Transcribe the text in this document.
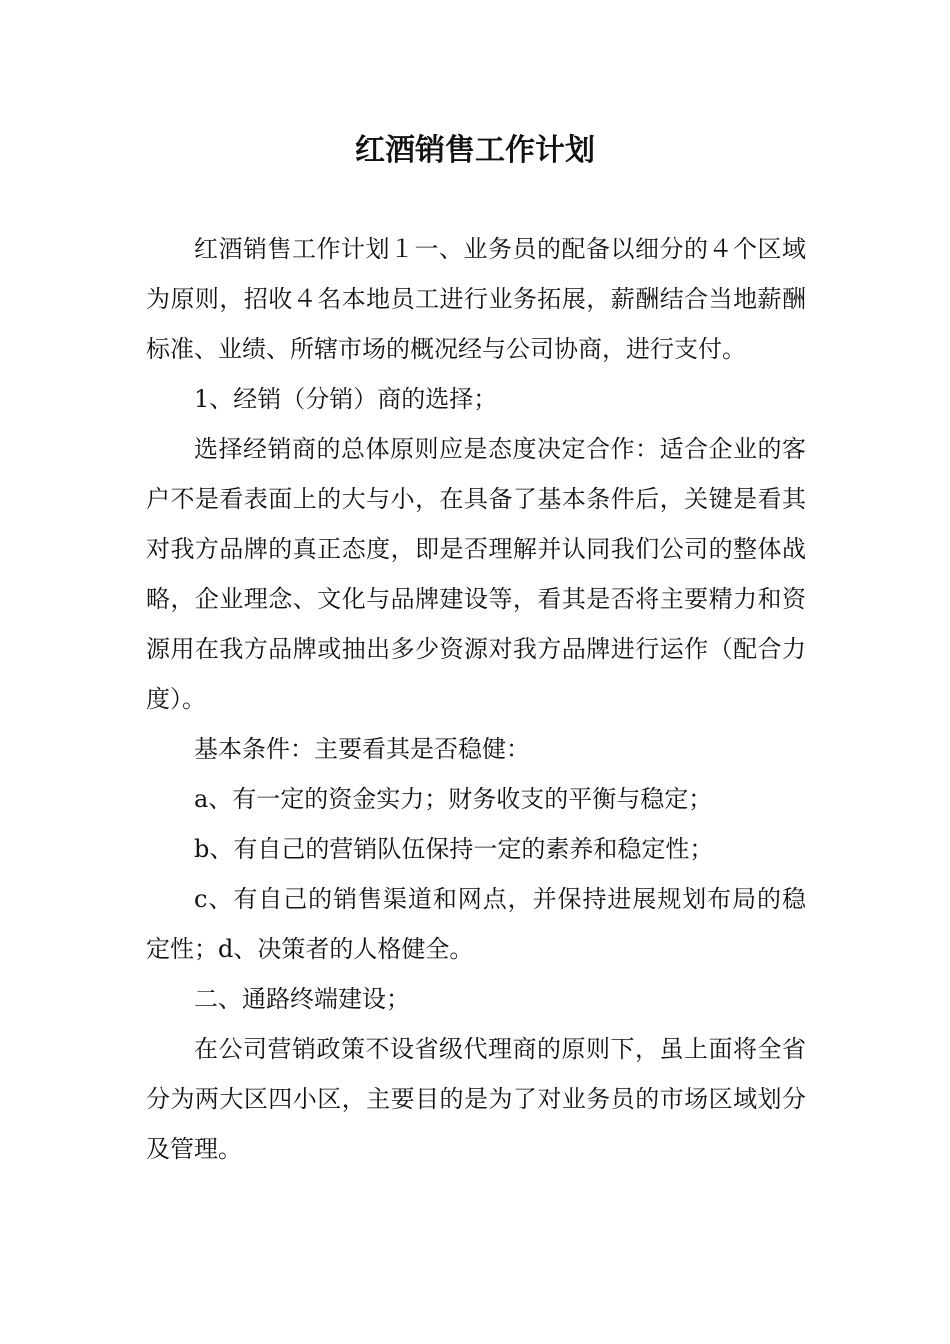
红酒销售工作计划

红酒销售工作计划１一、业务员的配备以细分的４个区域为原则，招收４名本地员工进行业务拓展，薪酬结合当地薪酬标准、业绩、所辖市场的概况经与公司协商，进行支付。

1、经销（分销）商的选择；

选择经销商的总体原则应是态度决定合作：适合企业的客户不是看表面上的大与小，在具备了基本条件后，关键是看其对我方品牌的真正态度，即是否理解并认同我们公司的整体战略，企业理念、文化与品牌建设等，看其是否将主要精力和资源用在我方品牌或抽出多少资源对我方品牌进行运作（配合力度）。

基本条件：主要看其是否稳健：

a、有一定的资金实力；财务收支的平衡与稳定；

b、有自己的营销队伍保持一定的素养和稳定性；

c、有自己的销售渠道和网点，并保持进展规划布局的稳定性；d、决策者的人格健全。

二、通路终端建设；

在公司营销政策不设省级代理商的原则下，虽上面将全省分为两大区四小区，主要目的是为了对业务员的市场区域划分及管理。
